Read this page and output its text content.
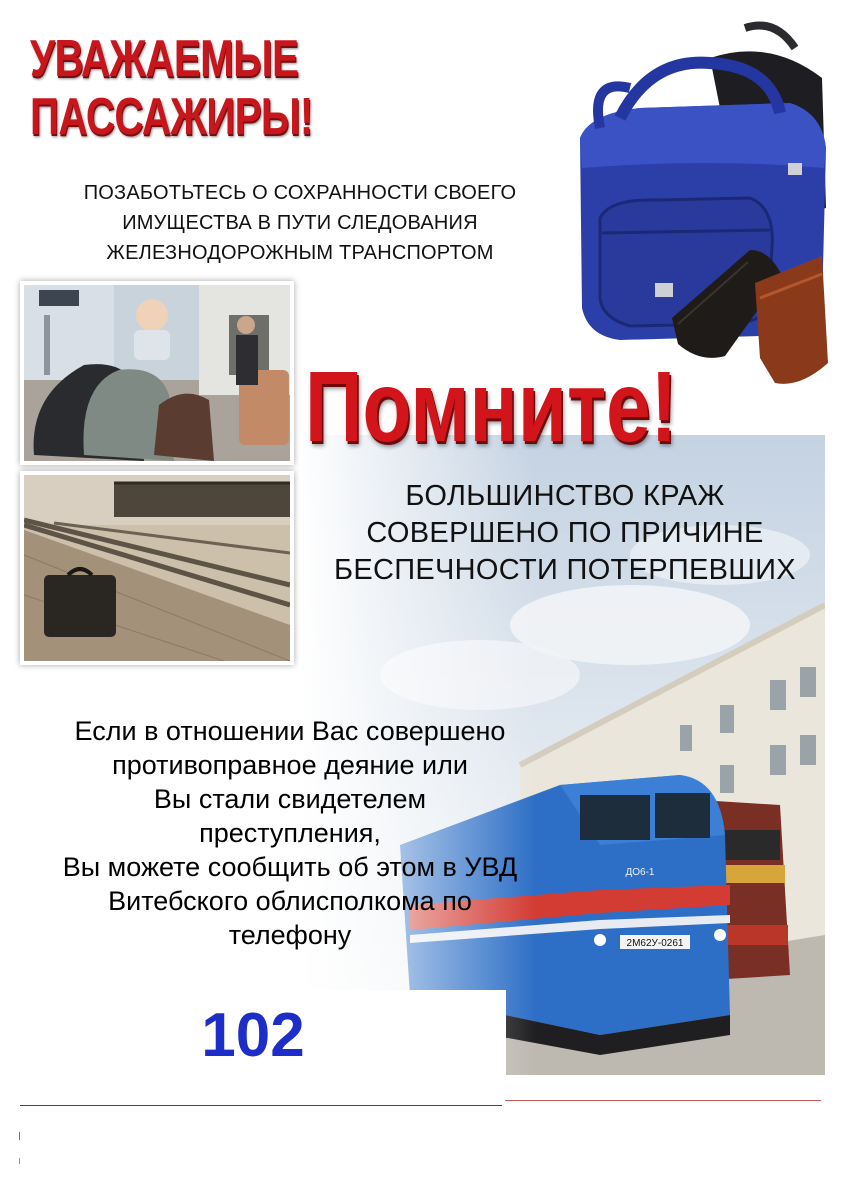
УВАЖАЕМЫЕ
ПАССАЖИРЫ!
ПОЗАБОТЬТЕСЬ О СОХРАННОСТИ СВОЕГО
ИМУЩЕСТВА В ПУТИ СЛЕДОВАНИЯ
ЖЕЛЕЗНОДОРОЖНЫМ ТРАНСПОРТОМ
Помните!
БОЛЬШИНСТВО КРАЖ
СОВЕРШЕНО ПО ПРИЧИНЕ
БЕСПЕЧНОСТИ ПОТЕРПЕВШИХ
Если в отношении Вас совершено
противоправное деяние или
Вы стали свидетелем
преступления,
Вы можете сообщить об этом в УВД
Витебского облисполкома по
телефону
102
